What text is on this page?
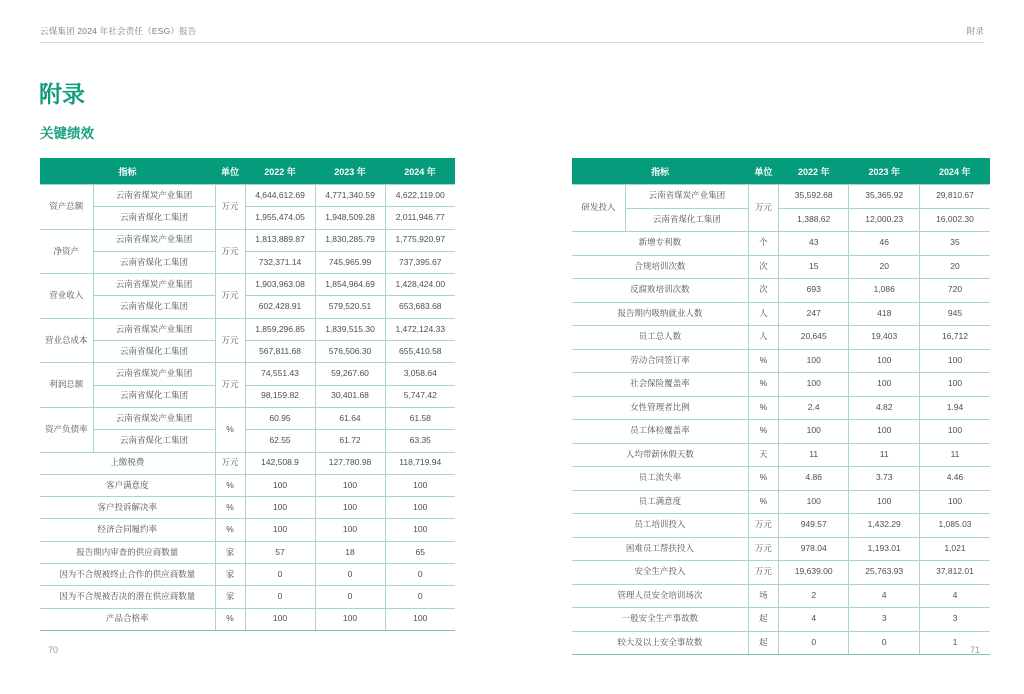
云煤集团 2024 年社会责任（ESG）报告	附录
附录
关键绩效
指标		单位	2022 年	2023 年	2024 年
资产总额	云南省煤炭产业集团	万元	4,644,612.69	4,771,340.59	4,622,119.00
	云南省煤化工集团		1,955,474.05	1,948,509.28	2,011,946.77
净资产	云南省煤炭产业集团	万元	1,813,889.87	1,830,285.79	1,775,920.97
	云南省煤化工集团		732,371.14	745,965.99	737,395.67
营业收入	云南省煤炭产业集团	万元	1,903,963.08	1,854,964.69	1,428,424.00
	云南省煤化工集团		602,428.91	579,520.51	653,683.68
营业总成本	云南省煤炭产业集团	万元	1,859,296.85	1,839,515.30	1,472,124.33
	云南省煤化工集团		567,811.68	576,506.30	655,410.58
利润总额	云南省煤炭产业集团	万元	74,551.43	59,267.60	3,058.64
	云南省煤化工集团		98,159.82	30,401.68	5,747.42
资产负债率	云南省煤炭产业集团	%	60.95	61.64	61.58
	云南省煤化工集团		62.55	61.72	63.35
上缴税费		万元	142,508.9	127,780.98	118,719.94
客户满意度		%	100	100	100
客户投诉解决率		%	100	100	100
经济合同履约率		%	100	100	100
报告期内审查的供应商数量		家	57	18	65
因为不合规被终止合作的供应商数量		家	0	0	0
因为不合规被否决的潜在供应商数量		家	0	0	0
产品合格率		%	100	100	100
指标		单位	2022 年	2023 年	2024 年
研发投入	云南省煤炭产业集团	万元	35,592.68	35,365.92	29,810.67
	云南省煤化工集团		1,388.62	12,000.23	16,002.30
新增专利数		个	43	46	35
合规培训次数		次	15	20	20
反腐败培训次数		次	693	1,086	720
报告期内吸纳就业人数		人	247	418	945
员工总人数		人	20,645	19,403	16,712
劳动合同签订率		%	100	100	100
社会保险覆盖率		%	100	100	100
女性管理者比例		%	2.4	4.82	1.94
员工体检覆盖率		%	100	100	100
人均带薪休假天数		天	11	11	11
员工流失率		%	4.86	3.73	4.46
员工满意度		%	100	100	100
员工培训投入		万元	949.57	1,432.29	1,085.03
困难员工帮扶投入		万元	978.04	1,193.01	1,021
安全生产投入		万元	19,639.00	25,763.93	37,812.01
管理人员安全培训场次		场	2	4	4
一般安全生产事故数		起	4	3	3
较大及以上安全事故数		起	0	0	1
70	71
